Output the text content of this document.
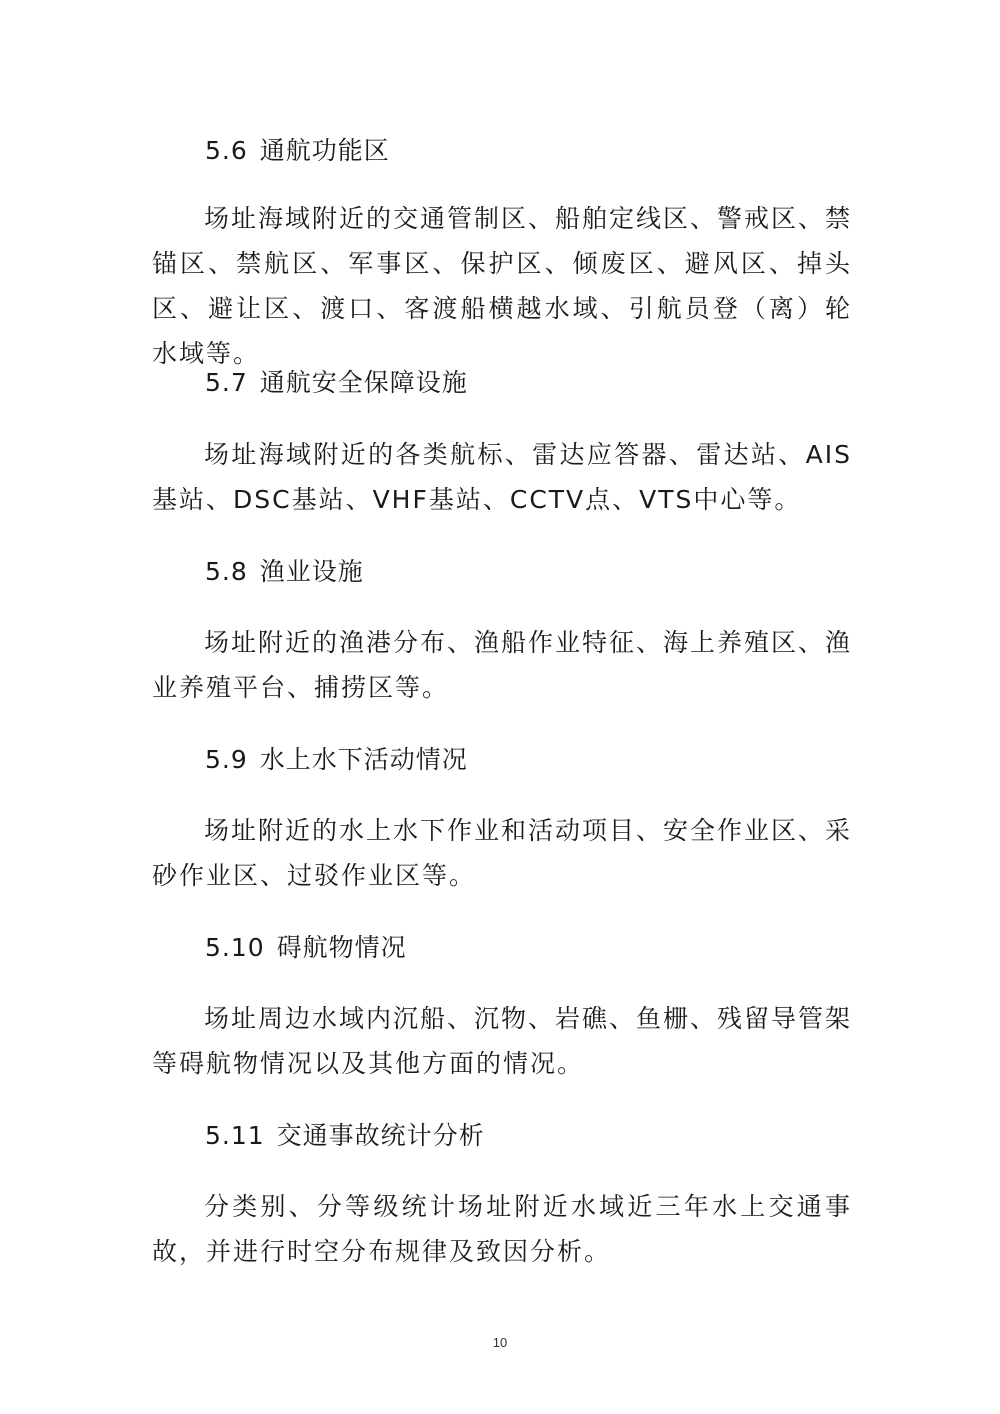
5.6 通航功能区

场址海域附近的交通管制区、船舶定线区、警戒区、禁锚区、禁航区、军事区、保护区、倾废区、避风区、掉头区、避让区、渡口、客渡船横越水域、引航员登（离）轮水域等。

5.7 通航安全保障设施

场址海域附近的各类航标、雷达应答器、雷达站、AIS基站、DSC基站、VHF基站、CCTV点、VTS中心等。

5.8 渔业设施

场址附近的渔港分布、渔船作业特征、海上养殖区、渔业养殖平台、捕捞区等。

5.9 水上水下活动情况

场址附近的水上水下作业和活动项目、安全作业区、采砂作业区、过驳作业区等。

5.10 碍航物情况

场址周边水域内沉船、沉物、岩礁、鱼栅、残留导管架等碍航物情况以及其他方面的情况。

5.11 交通事故统计分析

分类别、分等级统计场址附近水域近三年水上交通事故，并进行时空分布规律及致因分析。

10
